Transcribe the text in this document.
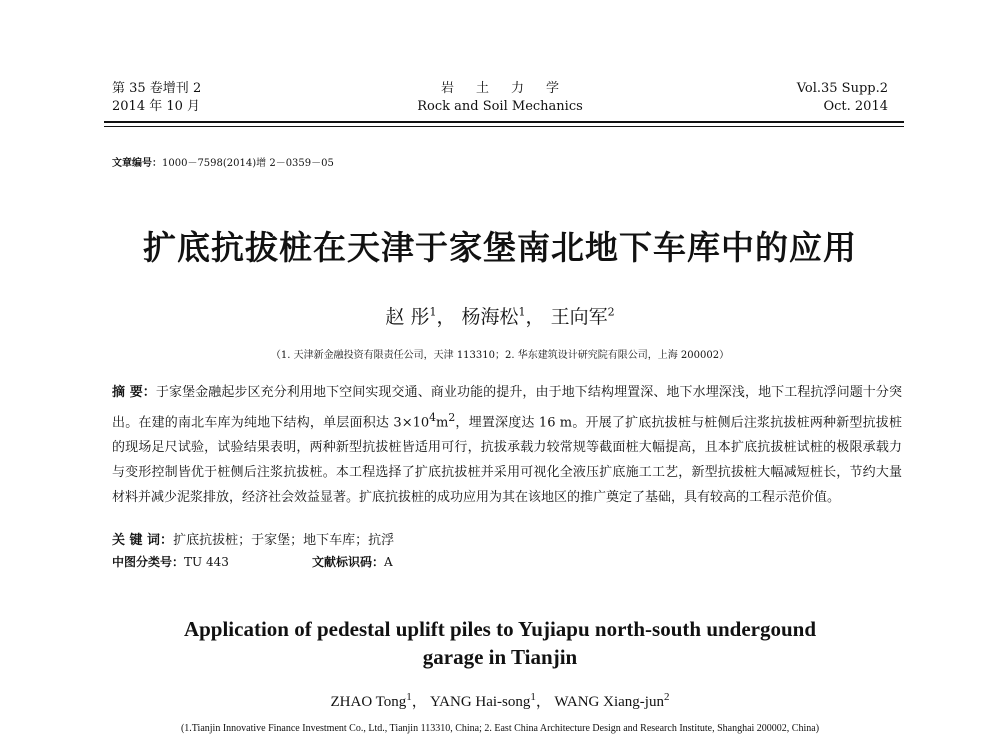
第 35 卷增刊 2
2014 年 10 月
岩土力学
Rock and Soil Mechanics
Vol.35 Supp.2
Oct. 2014
文章编号：1000－7598(2014)增 2－0359－05
扩底抗拔桩在天津于家堡南北地下车库中的应用
赵 彤$^1$， 杨海松$^1$， 王向军$^2$
（1. 天津新金融投资有限责任公司，天津 113310；2. 华东建筑设计研究院有限公司，上海 200002）
摘 要：于家堡金融起步区充分利用地下空间实现交通、商业功能的提升，由于地下结构埋置深、地下水埋深浅，地下工程抗浮问题十分突出。在建的南北车库为纯地下结构，单层面积达 $3\times 10^4m^2$，埋置深度达 16 m。开展了扩底抗拔桩与桩侧后注浆抗拔桩两种新型抗拔桩的现场足尺试验，试验结果表明，两种新型抗拔桩皆适用可行，抗拔承载力较常规等截面桩大幅提高，且本扩底抗拔桩试桩的极限承载力与变形控制皆优于桩侧后注浆抗拔桩。本工程选择了扩底抗拔桩并采用可视化全液压扩底施工工艺，新型抗拔桩大幅减短桩长，节约大量材料并减少泥浆排放，经济社会效益显著。扩底抗拔桩的成功应用为其在该地区的推广奠定了基础，具有较高的工程示范价值。
关 键 词：扩底抗拔桩；于家堡；地下车库；抗浮
中图分类号：TU 443	文献标识码：A
Application of pedestal uplift piles to Yujiapu north-south undergound
garage in Tianjin
ZHAO Tong$^1$， YANG Hai-song$^1$， WANG Xiang-jun$^2$
(1.Tianjin Innovative Finance Investment Co., Ltd., Tianjin 113310, China; 2. East China Architecture Design and Research Institute, Shanghai 200002, China)
